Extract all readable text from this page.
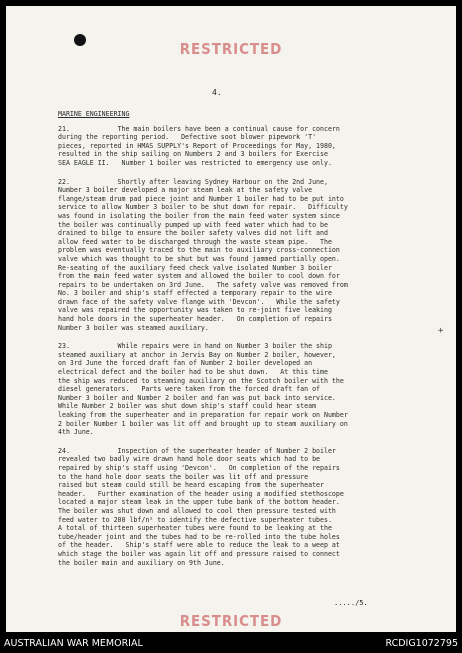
RESTRICTED
4.
MARINE ENGINEERING
21.            The main boilers have been a continual cause for concern
during the reporting period.   Defective soot blower pipework 'T'
pieces, reported in HMAS SUPPLY's Report of Proceedings for May, 1980,
resulted in the ship sailing on Numbers 2 and 3 boilers for Exercise
SEA EAGLE II.   Number 1 boiler was restricted to emergency use only.
22.            Shortly after leaving Sydney Harbour on the 2nd June,
Number 3 boiler developed a major steam leak at the safety valve
flange/steam drum pad piece joint and Number 1 boiler had to be put into
service to allow Number 3 boiler to be shut down for repair.   Difficulty
was found in isolating the boiler from the main feed water system since
the boiler was continually pumped up with feed water which had to be
drained to bilge to ensure the boiler safety valves did not lift and
allow feed water to be discharged through the waste steam pipe.   The
problem was eventually traced to the main to auxiliary cross-connection
valve which was thought to be shut but was found jammed partially open.
Re-seating of the auxiliary feed check valve isolated Number 3 boiler
from the main feed water system and allowed the boiler to cool down for
repairs to be undertaken on 3rd June.   The safety valve was removed from
No. 3 boiler and ship's staff effected a temporary repair to the wire
drawn face of the safety valve flange with 'Devcon'.   While the safety
valve was repaired the opportunity was taken to re-joint five leaking
hand hole doors in the superheater header.   On completion of repairs
Number 3 boiler was steamed auxiliary.
23.            While repairs were in hand on Number 3 boiler the ship
steamed auxiliary at anchor in Jervis Bay on Number 2 boiler, however,
on 3rd June the forced draft fan of Number 2 boiler developed an
electrical defect and the boiler had to be shut down.   At this time
the ship was reduced to steaming auxiliary on the Scotch boiler with the
diesel generators.   Parts were taken from the forced draft fan of
Number 3 boiler and Number 2 boiler and fan was put back into service.
While Number 2 boiler was shut down ship's staff could hear steam
leaking from the superheater and in preparation for repair work on Number
2 boiler Number 1 boiler was lit off and brought up to steam auxiliary on
4th June.
24.            Inspection of the superheater header of Number 2 boiler
revealed two badly wire drawn hand hole door seats which had to be
repaired by ship's staff using 'Devcon'.   On completion of the repairs
to the hand hole door seats the boiler was lit off and pressure
raised but steam could still be heard escaping from the superheater
header.   Further examination of the header using a modified stethoscope
located a major steam leak in the upper tube bank of the bottom header.
The boiler was shut down and allowed to cool then pressure tested with
feed water to 200 lbf/n² to identify the defective superheater tubes.
A total of thirteen superheater tubes were found to be leaking at the
tube/header joint and the tubes had to be re-rolled into the tube holes
of the header.   Ship's staff were able to reduce the leak to a weep at
which stage the boiler was again lit off and pressure raised to connect
the boiler main and auxiliary on 9th June.
+
...../5.
RESTRICTED
AUSTRALIAN WAR MEMORIAL	RCDIG1072795
